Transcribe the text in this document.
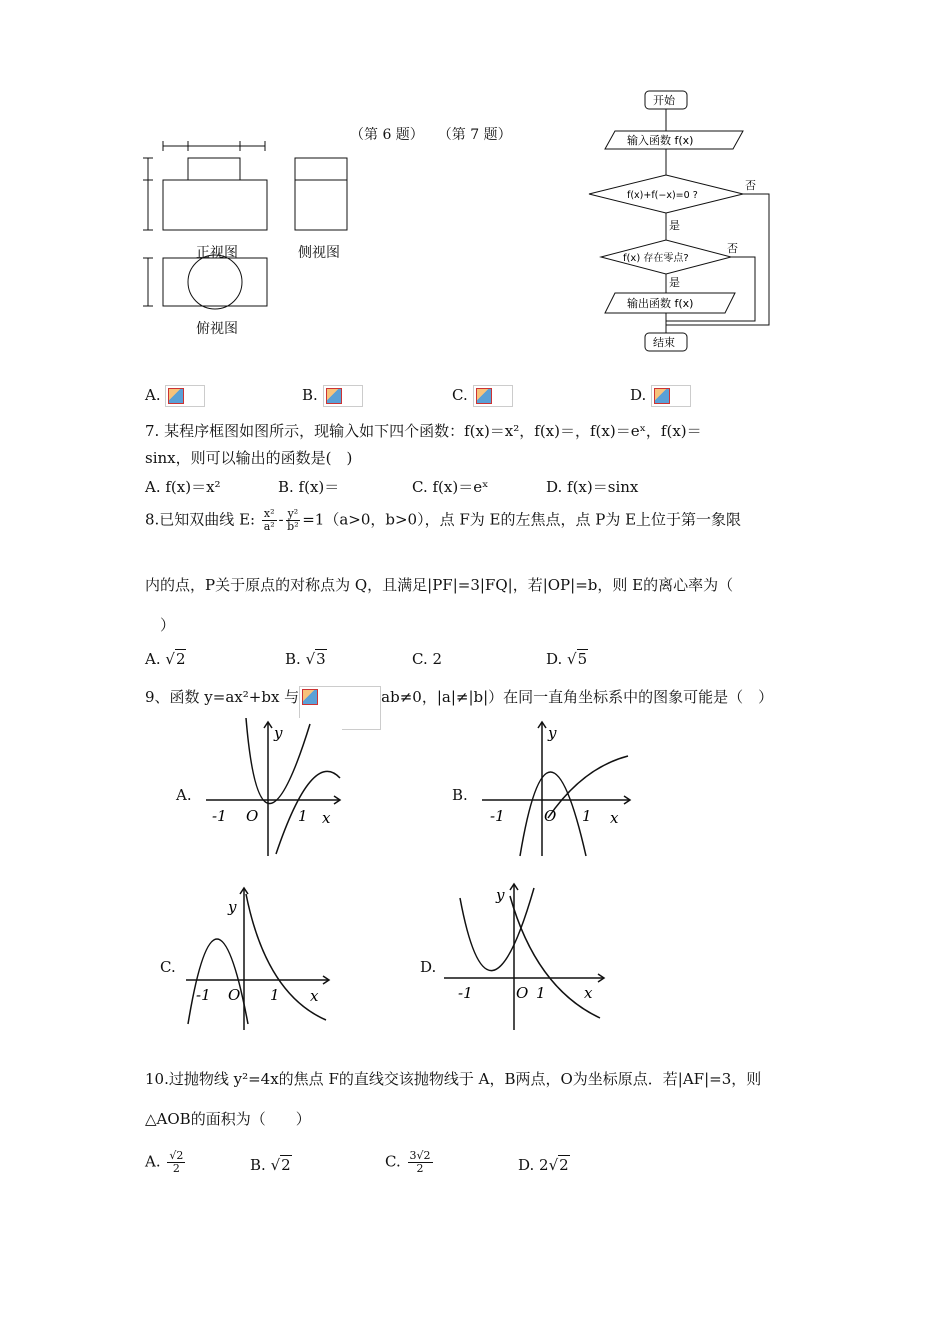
（第 6 题）　　（第 7 题）
正视图	侧视图
俯视图
开始
输入函数 f(x)
f(x)+f(−x)=0 ?
f(x) 存在零点?
输出函数 f(x)
结束
是
是
否
否
A.	B.	C.	D.
7. 某程序框图如图所示，现输入如下四个函数：f(x)＝x²，f(x)＝，f(x)＝eˣ，f(x)＝
sinx，则可以输出的函数是(　)
A. f(x)＝x²	B. f(x)＝	C. f(x)＝eˣ	D. f(x)＝sinx
8.已知双曲线 E: $\frac{\text{x²}}{\text{a²}} - \frac{\text{y²}}{\text{b²}} =1(a>0$，b>0），点 F为 E的左焦点，点 P为 E上位于第一象限
内的点，P关于原点的对称点为 Q，且满足|PF|=3|FQ|，若|OP|=b，则 E的离心率为（
）
A. √2	B. √3	C. 2	D. √5
9、函数 y=ax²+bx 与	ab≠0，|a|≠|b|）在同一直角坐标系中的图象可能是（　）
A.
y
x
O
-1	1
B.
y
x
O
-1	1
C.
y
x
O
-1	1
D.
y
x
O
-1	1
10.过抛物线 y²=4x的焦点 F的直线交该抛物线于 A，B两点，O为坐标原点．若|AF|=3，则
△AOB的面积为（　　）
A. $\frac{√2}{2}$	B. √2	C. $\frac{3√2}{2}$	D. 2√2
